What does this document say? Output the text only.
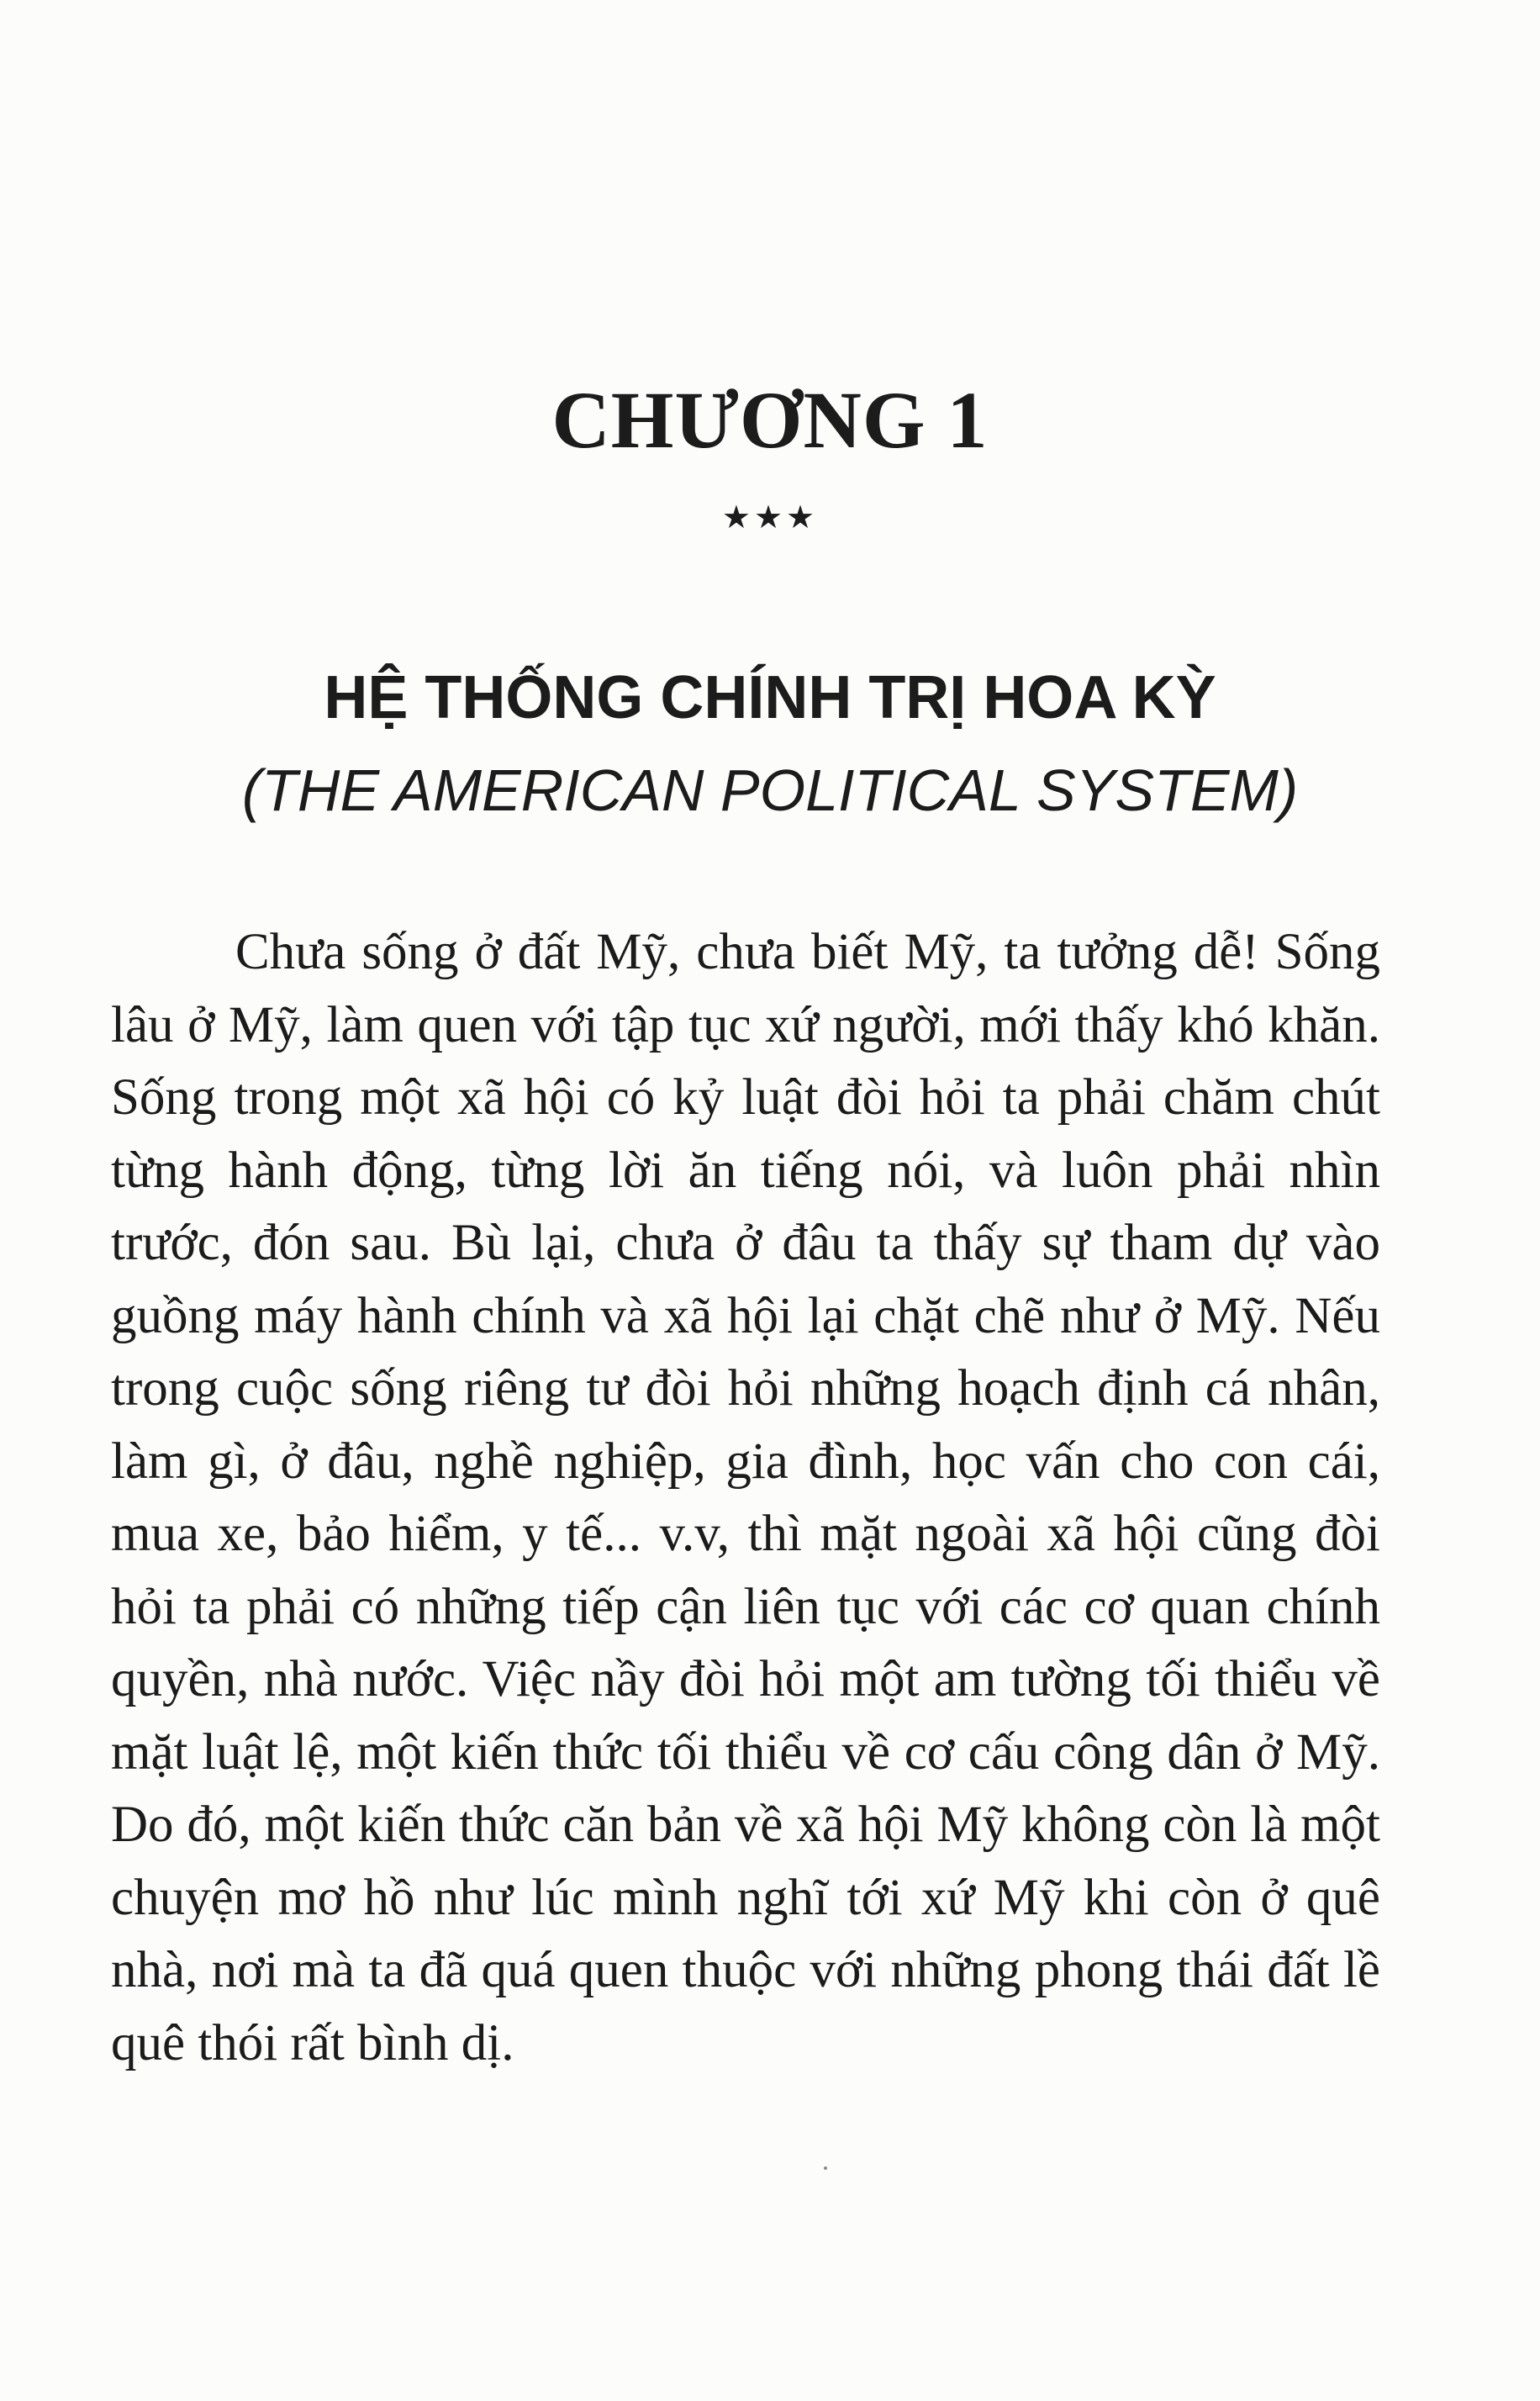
CHƯƠNG 1
★★★
HỆ THỐNG CHÍNH TRỊ HOA KỲ
(THE AMERICAN POLITICAL SYSTEM)

Chưa sống ở đất Mỹ, chưa biết Mỹ, ta tưởng dễ! Sống lâu ở Mỹ, làm quen với tập tục xứ người, mới thấy khó khăn. Sống trong một xã hội có kỷ luật đòi hỏi ta phải chăm chút từng hành động, từng lời ăn tiếng nói, và luôn phải nhìn trước, đón sau. Bù lại, chưa ở đâu ta thấy sự tham dự vào guồng máy hành chính và xã hội lại chặt chẽ như ở Mỹ. Nếu trong cuộc sống riêng tư đòi hỏi những hoạch định cá nhân, làm gì, ở đâu, nghề nghiệp, gia đình, học vấn cho con cái, mua xe, bảo hiểm, y tế... v.v, thì mặt ngoài xã hội cũng đòi hỏi ta phải có những tiếp cận liên tục với các cơ quan chính quyền, nhà nước. Việc nầy đòi hỏi một am tường tối thiểu về mặt luật lệ, một kiến thức tối thiểu về cơ cấu công dân ở Mỹ. Do đó, một kiến thức căn bản về xã hội Mỹ không còn là một chuyện mơ hồ như lúc mình nghĩ tới xứ Mỹ khi còn ở quê nhà, nơi mà ta đã quá quen thuộc với những phong thái đất lề quê thói rất bình dị.
